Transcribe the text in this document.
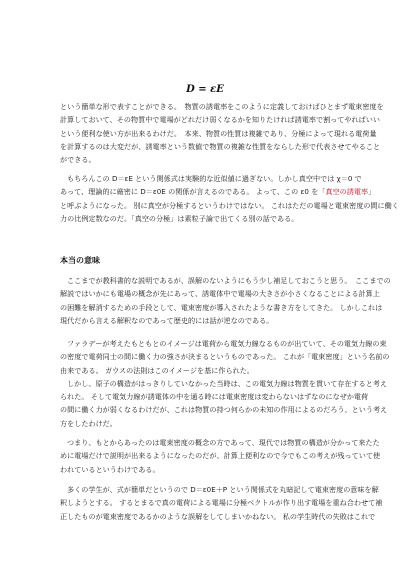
D = εE
という簡単な形で表すことができる。　物質の誘電率をこのように定義しておけばひとまず電束密度を
計算しておいて、その物質中で電場がどれだけ弱くなるかを知りたければ誘電率で割ってやればいい
という便利な使い方が出来るわけだ。　本来、物質の性質は複雑であり、分極によって現れる電荷量
を計算するのは大変だが、誘電率という数値で物質の複雑な性質をならした形で代表させてやること
ができる。
もちろんこの D＝εE という関係式は実験的な近似値に過ぎない。しかし真空中では χ＝0 で
あって、理論的に厳密に D＝ε0E の関係が言えるのである。 よって、この ε0 を「真空の誘電率」
と呼ぶようになった。 別に真空が分極するというわけではない。 これはただの電場と電束密度の間に働く
力の比例定数なのだ。「真空の分極」は素粒子論で出てくる別の話である。
本当の意味
ここまでが教科書的な説明であるが、誤解のないようにもう少し補足しておこうと思う。　ここまでの
解説ではいかにも電場の概念が先にあって、誘電体中で電場の大きさが小さくなることによる計算上
の困難を解消するための手段として、電束密度が導入されたような書き方をしてきた。 しかしこれは
現代だから言える解釈なのであって歴史的には話が逆なのである。
ファラデーが考えたもともとのイメージは電荷から電気力線なるものが出ていて、その電気力線の束
の密度で電荷同士の間に働く力の強さが決まるというものであった。 これが「電束密度」という名前の
由来である。 ガウスの法則はこのイメージを基に作られた。
しかし、原子の構造がはっきりしていなかった当時は、この電気力線は物質を貫いて存在すると考え
られた。 そして電気力線が誘電体の中を通る時には電束密度は変わらないはずなのになぜか電荷
の間に働く力が弱くなるわけだが、これは物質の持つ何らかの未知の作用によるのだろう、という考え
方をしたわけだ。
つまり、もとからあったのは電束密度の概念の方であって、現代では物質の構造が分かって来たた
めに電場だけで説明が出来るようになったのだが、計算上便利なので今でもこの考えが残っていて使
われているというわけである。
多くの学生が、式が簡単だというので D＝ε0E＋P という関係式を丸暗記して電束密度の意味を解
釈しようとする。 するとまるで真の電荷による電場に分極ベクトルが作り出す電場を重ね合わせて補
正したものが電束密度であるかのような誤解をしてしまいかねない。 私の学生時代の失敗はこれで
